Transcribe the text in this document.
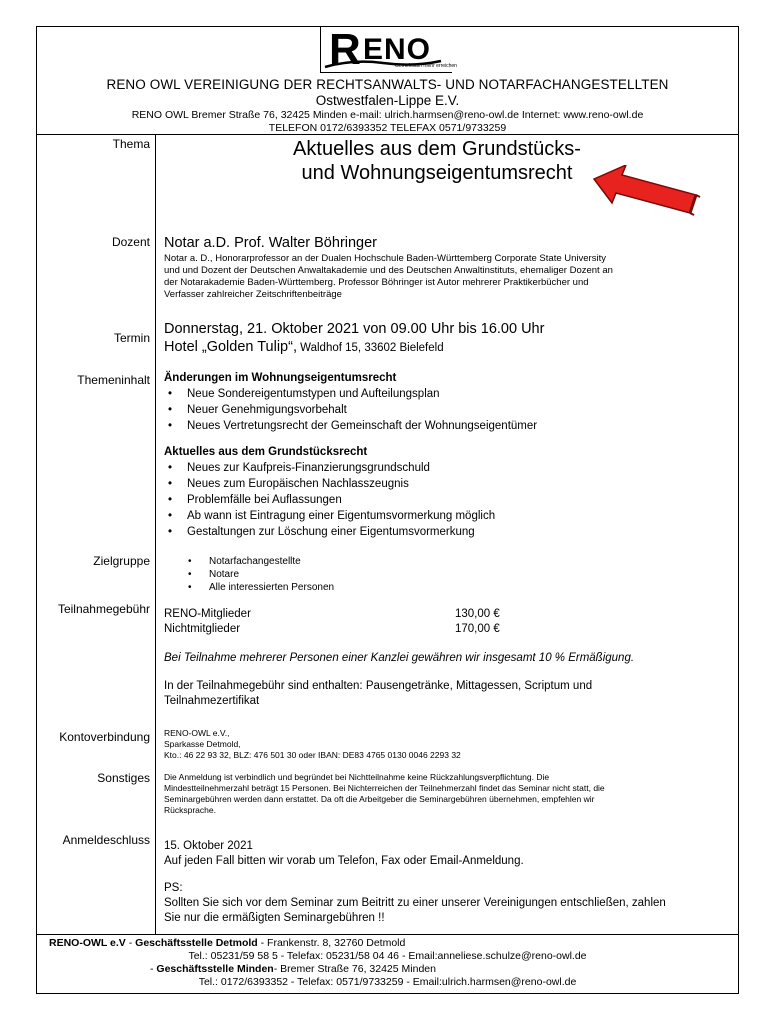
R ENO
Gemeinsam mehr erreichen
RENO OWL VEREINIGUNG DER RECHTSANWALTS- UND NOTARFACHANGESTELLTEN
Ostwestfalen-Lippe E.V.
RENO OWL Bremer Straße 76, 32425 Minden e-mail: ulrich.harmsen@reno-owl.de Internet: www.reno-owl.de
TELEFON 0172/6393352 TELEFAX 0571/9733259
Thema	Aktuelles aus dem Grundstücks-
und Wohnungseigentumsrecht
Dozent Notar a.D. Prof. Walter Böhringer
Notar a. D., Honorarprofessor an der Dualen Hochschule Baden-Württemberg Corporate State University
und und Dozent der Deutschen Anwaltakademie und des Deutschen Anwaltinstituts, ehemaliger Dozent an
der Notarakademie Baden-Württemberg. Professor Böhringer ist Autor mehrerer Praktikerbücher und
Verfasser zahlreicher Zeitschriftenbeiträge
Termin
Donnerstag, 21. Oktober 2021 von 09.00 Uhr bis 16.00 Uhr
Hotel „Golden Tulip“, Waldhof 15, 33602 Bielefeld
Themeninhalt Änderungen im Wohnungseigentumsrecht
• Neue Sondereigentumstypen und Aufteilungsplan
• Neuer Genehmigungsvorbehalt
• Neues Vertretungsrecht der Gemeinschaft der Wohnungseigentümer
Aktuelles aus dem Grundstücksrecht
• Neues zur Kaufpreis-Finanzierungsgrundschuld
• Neues zum Europäischen Nachlasszeugnis
• Problemfälle bei Auflassungen
• Ab wann ist Eintragung einer Eigentumsvormerkung möglich
• Gestaltungen zur Löschung einer Eigentumsvormerkung
Zielgruppe
•	Notarfachangestellte
• Notare
• Alle interessierten Personen
Teilnahmegebühr RENO-Mitglieder	130,00 €
Nichtmitglieder	170,00 €
Bei Teilnahme mehrerer Personen einer Kanzlei gewähren wir insgesamt 10 % Ermäßigung.
In der Teilnahmegebühr sind enthalten: Pausengetränke, Mittagessen, Scriptum und
Teilnahmezertifikat
Kontoverbindung RENO-OWL e.V.,
Sparkasse Detmold,
Kto.: 46 22 93 32, BLZ: 476 501 30 oder IBAN: DE83 4765 0130 0046 2293 32
Sonstiges Die Anmeldung ist verbindlich und begründet bei Nichtteilnahme keine Rückzahlungsverpflichtung. Die
Mindestteilnehmerzahl beträgt 15 Personen. Bei Nichterreichen der Teilnehmerzahl findet das Seminar nicht statt, die
Seminargebühren werden dann erstattet. Da oft die Arbeitgeber die Seminargebühren übernehmen, empfehlen wir
Rücksprache.
Anmeldeschluss 15. Oktober 2021
Auf jeden Fall bitten wir vorab um Telefon, Fax oder Email-Anmeldung.
PS:
Sollten Sie sich vor dem Seminar zum Beitritt zu einer unserer Vereinigungen entschließen, zahlen
Sie nur die ermäßigten Seminargebühren !!
RENO-OWL e.V - Geschäftsstelle Detmold - Frankenstr. 8, 32760 Detmold
Tel.: 05231/59 58 5 - Telefax: 05231/58 04 46 - Email:anneliese.schulze@reno-owl.de
- Geschäftsstelle Minden- Bremer Straße 76, 32425 Minden
Tel.: 0172/6393352 - Telefax: 0571/9733259 - Email:ulrich.harmsen@reno-owl.de
